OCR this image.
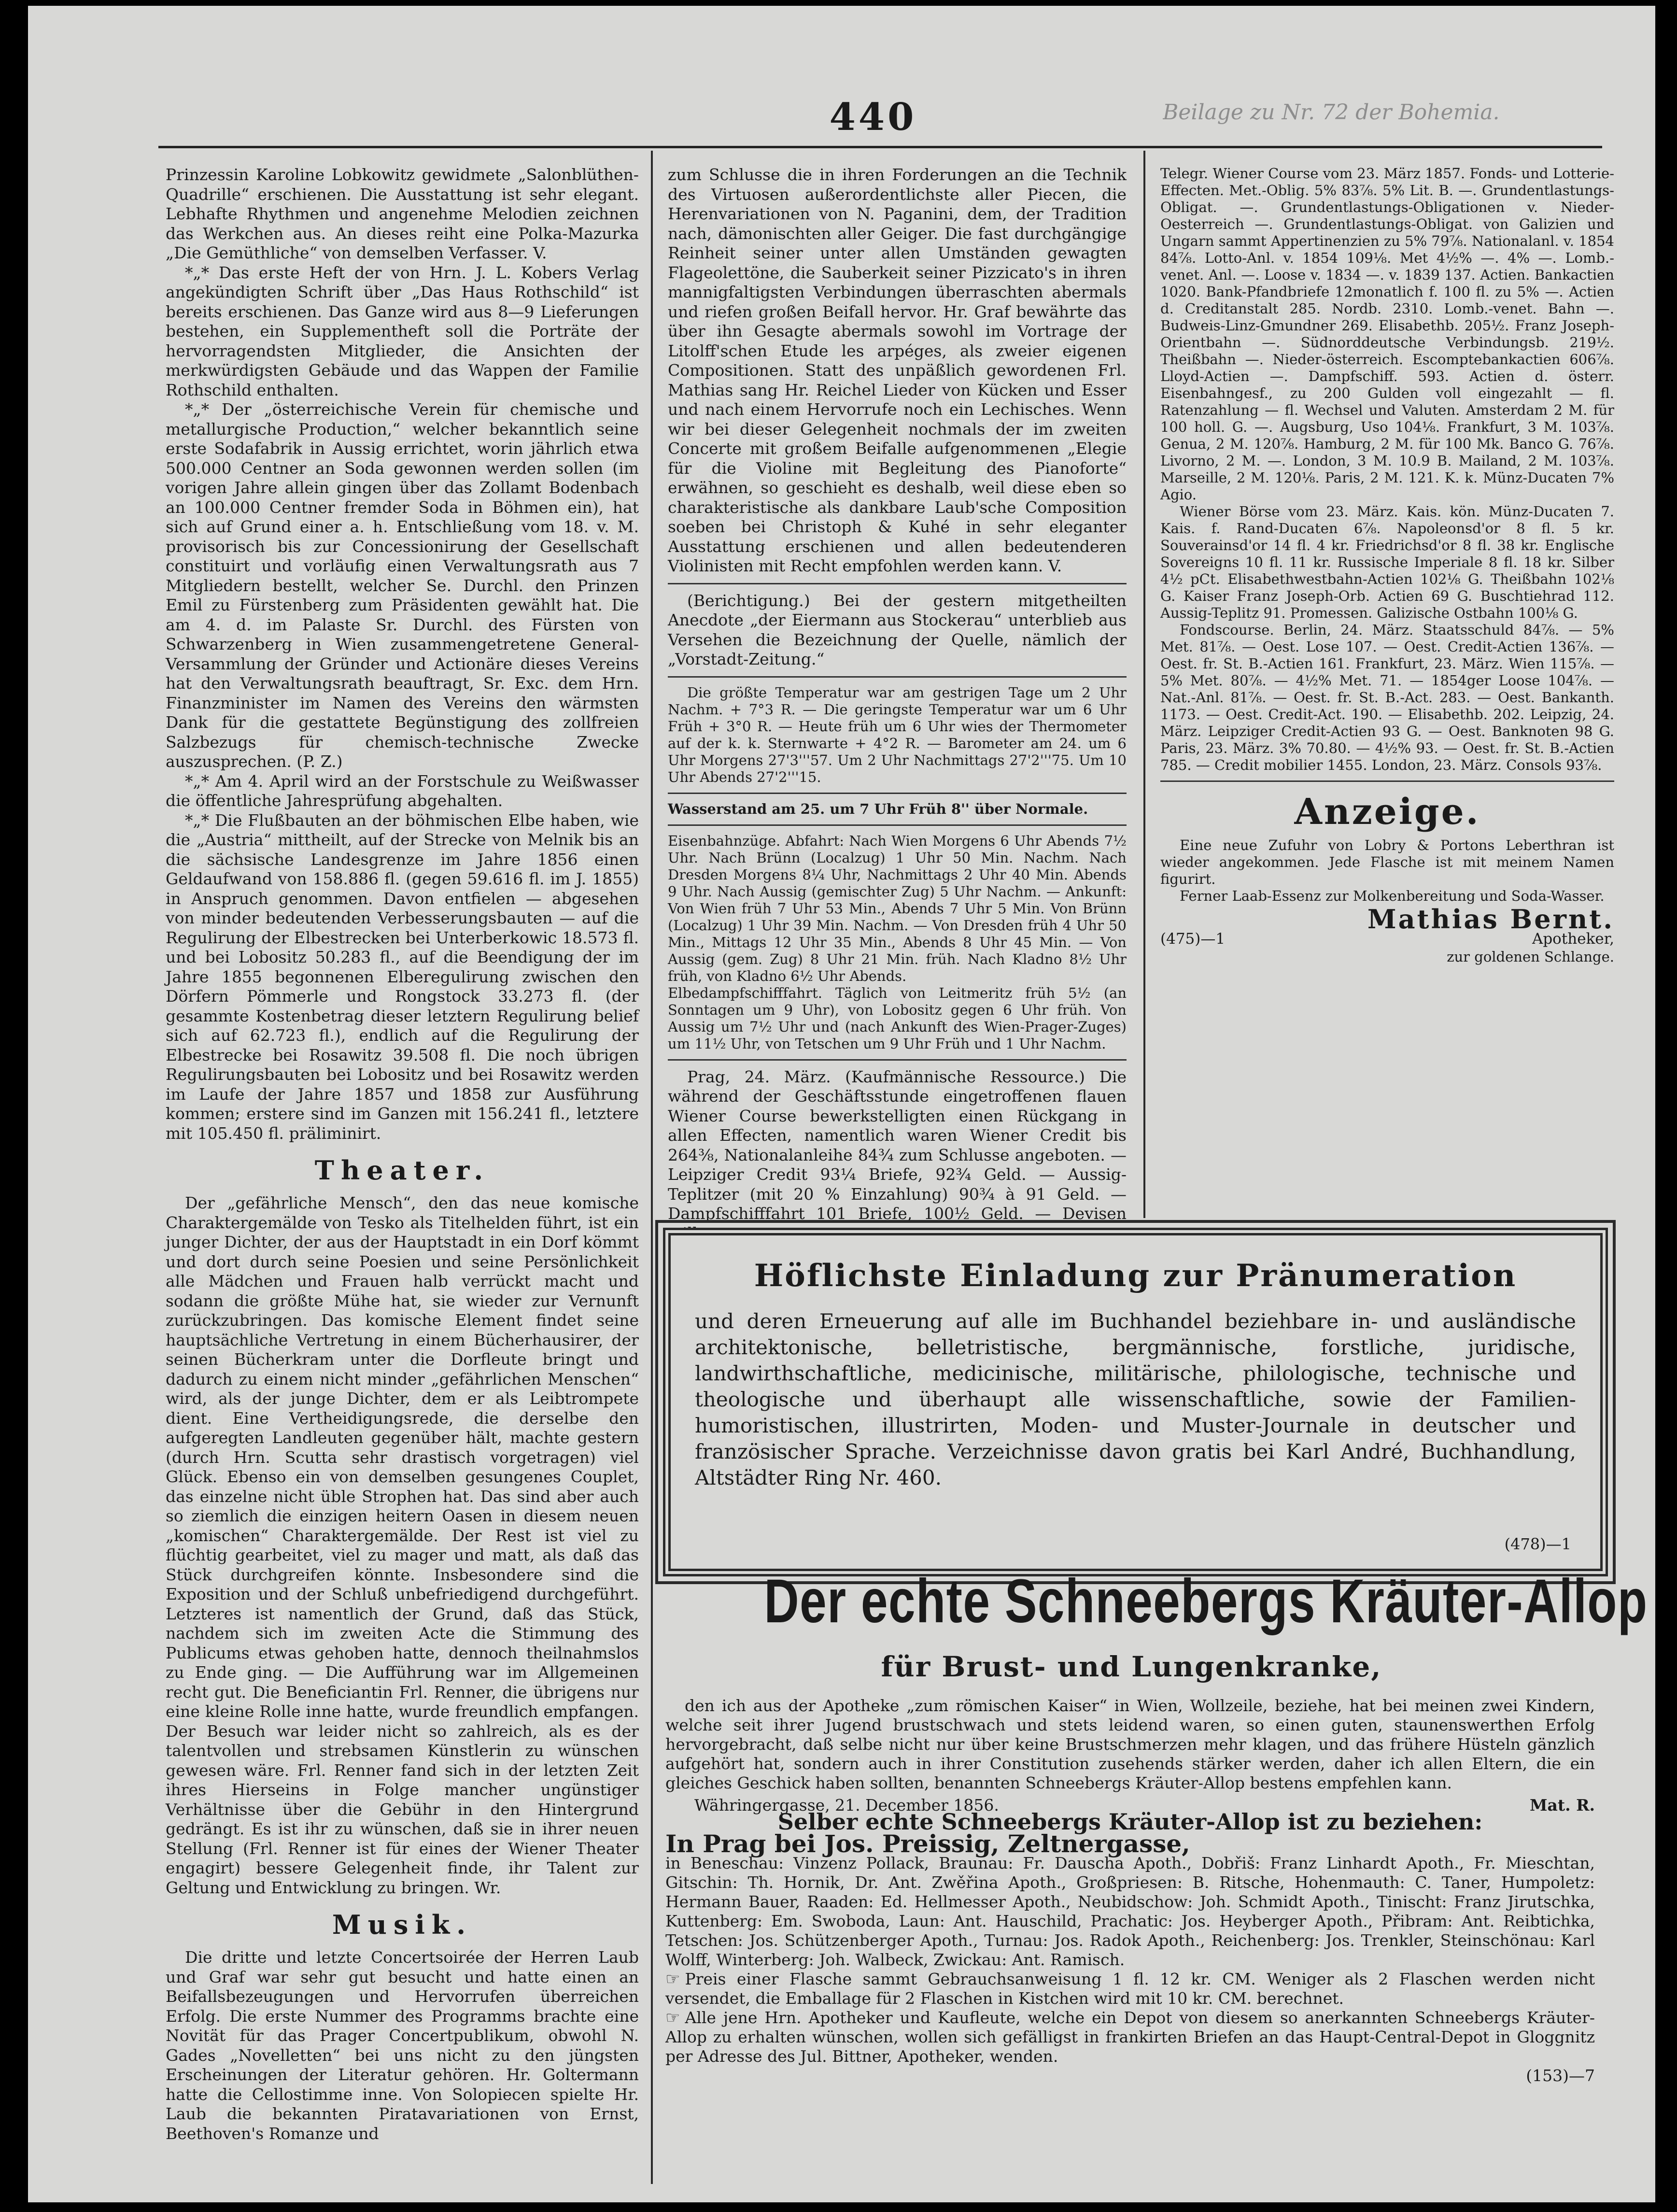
440	Beilage zu Nr. 72 der Bohemia.

Prinzessin Karoline Lobkowitz gewidmete „Salonblüthen-Quadrille“ erschienen. Die Ausstattung ist sehr elegant. Lebhafte Rhythmen und angenehme Melodien zeichnen das Werkchen aus. An dieses reiht eine Polka-Mazurka „Die Gemüthliche“ von demselben Verfasser. V.

*„* Das erste Heft der von Hrn. J. L. Kobers Verlag angekündigten Schrift über „Das Haus Rothschild“ ist bereits erschienen. Das Ganze wird aus 8—9 Lieferungen bestehen, ein Supplementheft soll die Porträte der hervorragendsten Mitglieder, die Ansichten der merkwürdigsten Gebäude und das Wappen der Familie Rothschild enthalten.

*„* Der „österreichische Verein für chemische und metallurgische Production,“ welcher bekanntlich seine erste Sodafabrik in Aussig errichtet, worin jährlich etwa 500.000 Centner an Soda gewonnen werden sollen (im vorigen Jahre allein gingen über das Zollamt Bodenbach an 100.000 Centner fremder Soda in Böhmen ein), hat sich auf Grund einer a. h. Entschließung vom 18. v. M. provisorisch bis zur Concessionirung der Gesellschaft constituirt und vorläufig einen Verwaltungsrath aus 7 Mitgliedern bestellt, welcher Se. Durchl. den Prinzen Emil zu Fürstenberg zum Präsidenten gewählt hat. Die am 4. d. im Palaste Sr. Durchl. des Fürsten von Schwarzenberg in Wien zusammengetretene General-Versammlung der Gründer und Actionäre dieses Vereins hat den Verwaltungsrath beauftragt, Sr. Exc. dem Hrn. Finanzminister im Namen des Vereins den wärmsten Dank für die gestattete Begünstigung des zollfreien Salzbezugs für chemisch-technische Zwecke auszusprechen. (P. Z.)

*„* Am 4. April wird an der Forstschule zu Weißwasser die öffentliche Jahresprüfung abgehalten.

*„* Die Flußbauten an der böhmischen Elbe haben, wie die „Austria“ mittheilt, auf der Strecke von Melnik bis an die sächsische Landesgrenze im Jahre 1856 einen Geldaufwand von 158.886 fl. (gegen 59.616 fl. im J. 1855) in Anspruch genommen. Davon entfielen — abgesehen von minder bedeutenden Verbesserungsbauten — auf die Regulirung der Elbestrecken bei Unterberkowic 18.573 fl. und bei Lobositz 50.283 fl., auf die Beendigung der im Jahre 1855 begonnenen Elberegulirung zwischen den Dörfern Pömmerle und Rongstock 33.273 fl. (der gesammte Kostenbetrag dieser letztern Regulirung belief sich auf 62.723 fl.), endlich auf die Regulirung der Elbestrecke bei Rosawitz 39.508 fl. Die noch übrigen Regulirungsbauten bei Lobositz und bei Rosawitz werden im Laufe der Jahre 1857 und 1858 zur Ausführung kommen; erstere sind im Ganzen mit 156.241 fl., letztere mit 105.450 fl. präliminirt.

Theater.

Der „gefährliche Mensch“, den das neue komische Charaktergemälde von Tesko als Titelhelden führt, ist ein junger Dichter, der aus der Hauptstadt in ein Dorf kömmt und dort durch seine Poesien und seine Persönlichkeit alle Mädchen und Frauen halb verrückt macht und sodann die größte Mühe hat, sie wieder zur Vernunft zurückzubringen. Das komische Element findet seine hauptsächliche Vertretung in einem Bücherhausirer, der seinen Bücherkram unter die Dorfleute bringt und dadurch zu einem nicht minder „gefährlichen Menschen“ wird, als der junge Dichter, dem er als Leibtrompete dient. Eine Vertheidigungsrede, die derselbe den aufgeregten Landleuten gegenüber hält, machte gestern (durch Hrn. Scutta sehr drastisch vorgetragen) viel Glück. Ebenso ein von demselben gesungenes Couplet, das einzelne nicht üble Strophen hat. Das sind aber auch so ziemlich die einzigen heitern Oasen in diesem neuen „komischen“ Charaktergemälde. Der Rest ist viel zu flüchtig gearbeitet, viel zu mager und matt, als daß das Stück durchgreifen könnte. Insbesondere sind die Exposition und der Schluß unbefriedigend durchgeführt. Letzteres ist namentlich der Grund, daß das Stück, nachdem sich im zweiten Acte die Stimmung des Publicums etwas gehoben hatte, dennoch theilnahmslos zu Ende ging. — Die Aufführung war im Allgemeinen recht gut. Die Beneficiantin Frl. Renner, die übrigens nur eine kleine Rolle inne hatte, wurde freundlich empfangen. Der Besuch war leider nicht so zahlreich, als es der talentvollen und strebsamen Künstlerin zu wünschen gewesen wäre. Frl. Renner fand sich in der letzten Zeit ihres Hierseins in Folge mancher ungünstiger Verhältnisse über die Gebühr in den Hintergrund gedrängt. Es ist ihr zu wünschen, daß sie in ihrer neuen Stellung (Frl. Renner ist für eines der Wiener Theater engagirt) bessere Gelegenheit finde, ihr Talent zur Geltung und Entwicklung zu bringen. Wr.

Musik.

Die dritte und letzte Concertsoirée der Herren Laub und Graf war sehr gut besucht und hatte einen an Beifallsbezeugungen und Hervorrufen überreichen Erfolg. Die erste Nummer des Programms brachte eine Novität für das Prager Concertpublikum, obwohl N. Gades „Novelletten“ bei uns nicht zu den jüngsten Erscheinungen der Literatur gehören. Hr. Goltermann hatte die Cellostimme inne. Von Solopiecen spielte Hr. Laub die bekannten Piratavariationen von Ernst, Beethoven's Romanze und

zum Schlusse die in ihren Forderungen an die Technik des Virtuosen außerordentlichste aller Piecen, die Herenvariationen von N. Paganini, dem, der Tradition nach, dämonischten aller Geiger. Die fast durchgängige Reinheit seiner unter allen Umständen gewagten Flageolettöne, die Sauberkeit seiner Pizzicato's in ihren mannigfaltigsten Verbindungen überraschten abermals und riefen großen Beifall hervor. Hr. Graf bewährte das über ihn Gesagte abermals sowohl im Vortrage der Litolff'schen Etude les arpéges, als zweier eigenen Compositionen. Statt des unpäßlich gewordenen Frl. Mathias sang Hr. Reichel Lieder von Kücken und Esser und nach einem Hervorrufe noch ein Lechisches. Wenn wir bei dieser Gelegenheit nochmals der im zweiten Concerte mit großem Beifalle aufgenommenen „Elegie für die Violine mit Begleitung des Pianoforte“ erwähnen, so geschieht es deshalb, weil diese eben so charakteristische als dankbare Laub'sche Composition soeben bei Christoph & Kuhé in sehr eleganter Ausstattung erschienen und allen bedeutenderen Violinisten mit Recht empfohlen werden kann. V.

(Berichtigung.) Bei der gestern mitgetheilten Anecdote „der Eiermann aus Stockerau“ unterblieb aus Versehen die Bezeichnung der Quelle, nämlich der „Vorstadt-Zeitung.“

Die größte Temperatur war am gestrigen Tage um 2 Uhr Nachm. + 7°3 R. — Die geringste Temperatur war um 6 Uhr Früh + 3°0 R. — Heute früh um 6 Uhr wies der Thermometer auf der k. k. Sternwarte + 4°2 R. — Barometer am 24. um 6 Uhr Morgens 27'3'''57. Um 2 Uhr Nachmittags 27'2'''75. Um 10 Uhr Abends 27'2'''15.

Wasserstand am 25. um 7 Uhr Früh 8'' über Normale.

Eisenbahnzüge. Abfahrt: Nach Wien Morgens 6 Uhr Abends 7½ Uhr. Nach Brünn (Localzug) 1 Uhr 50 Min. Nachm. Nach Dresden Morgens 8¼ Uhr, Nachmittags 2 Uhr 40 Min. Abends 9 Uhr. Nach Aussig (gemischter Zug) 5 Uhr Nachm. — Ankunft: Von Wien früh 7 Uhr 53 Min., Abends 7 Uhr 5 Min. Von Brünn (Localzug) 1 Uhr 39 Min. Nachm. — Von Dresden früh 4 Uhr 50 Min., Mittags 12 Uhr 35 Min., Abends 8 Uhr 45 Min. — Von Aussig (gem. Zug) 8 Uhr 21 Min. früh. Nach Kladno 8½ Uhr früh, von Kladno 6½ Uhr Abends.

Elbedampfschifffahrt. Täglich von Leitmeritz früh 5½ (an Sonntagen um 9 Uhr), von Lobositz gegen 6 Uhr früh. Von Aussig um 7½ Uhr und (nach Ankunft des Wien-Prager-Zuges) um 11½ Uhr, von Tetschen um 9 Uhr Früh und 1 Uhr Nachm.

Prag, 24. März. (Kaufmännische Ressource.) Die während der Geschäftsstunde eingetroffenen flauen Wiener Course bewerkstelligten einen Rückgang in allen Effecten, namentlich waren Wiener Credit bis 264⅜, Nationalanleihe 84¾ zum Schlusse angeboten. — Leipziger Credit 93¼ Briefe, 92¾ Geld. — Aussig-Teplitzer (mit 20 % Einzahlung) 90¾ à 91 Geld. — Dampfschifffahrt 101 Briefe, 100½ Geld. — Devisen

Telegr. Wiener Course vom 23. März 1857. Fonds- und Lotterie-Effecten. Met.-Oblig. 5% 83⅞. 5% Lit. B. —. Grundentlastungs-Obligat. —. Grundentlastungs-Obligationen v. Nieder-Oesterreich —. Grundentlastungs-Obligat. von Galizien und Ungarn sammt Appertinenzien zu 5% 79⅞. Nationalanl. v. 1854 84⅞. Lotto-Anl. v. 1854 109⅛. Met 4½% —. 4% —. Lomb.-venet. Anl. —. Loose v. 1834 —. v. 1839 137. Actien. Bankactien 1020. Bank-Pfandbriefe 12monatlich f. 100 fl. zu 5% —. Actien d. Creditanstalt 285. Nordb. 2310. Lomb.-venet. Bahn —. Budweis-Linz-Gmundner 269. Elisabethb. 205½. Franz Joseph-Orientbahn —. Südnorddeutsche Verbindungsb. 219½. Theißbahn —. Nieder-österreich. Escomptebankactien 606⅞. Lloyd-Actien —. Dampfschiff. 593. Actien d. österr. Eisenbahngesf., zu 200 Gulden voll eingezahlt — fl. Ratenzahlung — fl. Wechsel und Valuten. Amsterdam 2 M. für 100 holl. G. —. Augsburg, Uso 104⅛. Frankfurt, 3 M. 103⅞. Genua, 2 M. 120⅞. Hamburg, 2 M. für 100 Mk. Banco G. 76⅞. Livorno, 2 M. —. London, 3 M. 10.9 B. Mailand, 2 M. 103⅞. Marseille, 2 M. 120⅛. Paris, 2 M. 121. K. k. Münz-Ducaten 7% Agio.

Wiener Börse vom 23. März. Kais. kön. Münz-Ducaten 7. Kais. f. Rand-Ducaten 6⅞. Napoleonsd'or 8 fl. 5 kr. Souverainsd'or 14 fl. 4 kr. Friedrichsd'or 8 fl. 38 kr. Englische Sovereigns 10 fl. 11 kr. Russische Imperiale 8 fl. 18 kr. Silber 4½ pCt. Elisabethwestbahn-Actien 102⅛ G. Theißbahn 102⅛ G. Kaiser Franz Joseph-Orb. Actien 69 G. Buschtiehrad 112. Aussig-Teplitz 91. Promessen. Galizische Ostbahn 100⅛ G.

Fondscourse. Berlin, 24. März. Staatsschuld 84⅞. — 5% Met. 81⅞. — Oest. Lose 107. — Oest. Credit-Actien 136⅞. — Oest. fr. St. B.-Actien 161. Frankfurt, 23. März. Wien 115⅞. — 5% Met. 80⅞. — 4½% Met. 71. — 1854ger Loose 104⅞. — Nat.-Anl. 81⅞. — Oest. fr. St. B.-Act. 283. — Oest. Bankanth. 1173. — Oest. Credit-Act. 190. — Elisabethb. 202. Leipzig, 24. März. Leipziger Credit-Actien 93 G. — Oest. Banknoten 98 G. Paris, 23. März. 3% 70.80. — 4½% 93. — Oest. fr. St. B.-Actien 785. — Credit mobilier 1455. London, 23. März. Consols 93⅞.

Anzeige.

Eine neue Zufuhr von Lobry & Portons Leberthran ist wieder angekommen. Jede Flasche ist mit meinem Namen figurirt.

Ferner Laab-Essenz zur Molkenbereitung und Soda-Wasser.

Mathias Bernt.
(475)—1	Apotheker,
zur goldenen Schlange.
Höflichste Einladung zur Pränumeration
und deren Erneuerung auf alle im Buchhandel beziehbare in- und ausländische architektonische, belletristische, bergmännische, forstliche, juridische, landwirthschaftliche, medicinische, militärische, philologische, technische und theologische und überhaupt alle wissenschaftliche, sowie der Familien-humoristischen, illustrirten, Moden- und Muster-Journale in deutscher und französischer Sprache. Verzeichnisse davon gratis bei Karl André, Buchhandlung, Altstädter Ring Nr. 460.
(478)—1
Der echte Schneebergs Kräuter-Allop
für Brust- und Lungenkranke,

den ich aus der Apotheke „zum römischen Kaiser“ in Wien, Wollzeile, beziehe, hat bei meinen zwei Kindern, welche seit ihrer Jugend brustschwach und stets leidend waren, so einen guten, staunenswerthen Erfolg hervorgebracht, daß selbe nicht nur über keine Brustschmerzen mehr klagen, und das frühere Hüsteln gänzlich aufgehört hat, sondern auch in ihrer Constitution zusehends stärker werden, daher ich allen Eltern, die ein gleiches Geschick haben sollten, benannten Schneebergs Kräuter-Allop bestens empfehlen kann.

Währingergasse, 21. December 1856.	Mat. R.
Selber echte Schneebergs Kräuter-Allop ist zu beziehen:

In Prag bei Jos. Preissig, Zeltnergasse,

in Beneschau: Vinzenz Pollack, Braunau: Fr. Dauscha Apoth., Dobřiš: Franz Linhardt Apoth., Fr. Mieschtan, Gitschin: Th. Hornik, Dr. Ant. Zwěřina Apoth., Großpriesen: B. Ritsche, Hohenmauth: C. Taner, Humpoletz: Hermann Bauer, Raaden: Ed. Hellmesser Apoth., Neubidschow: Joh. Schmidt Apoth., Tinischt: Franz Jirutschka, Kuttenberg: Em. Swoboda, Laun: Ant. Hauschild, Prachatic: Jos. Heyberger Apoth., Přibram: Ant. Reibtichka, Tetschen: Jos. Schützenberger Apoth., Turnau: Jos. Radok Apoth., Reichenberg: Jos. Trenkler, Steinschönau: Karl Wolff, Winterberg: Joh. Walbeck, Zwickau: Ant. Ramisch.

☞ Preis einer Flasche sammt Gebrauchsanweisung 1 fl. 12 kr. CM. Weniger als 2 Flaschen werden nicht versendet, die Emballage für 2 Flaschen in Kistchen wird mit 10 kr. CM. berechnet.

☞ Alle jene Hrn. Apotheker und Kaufleute, welche ein Depot von diesem so anerkannten Schneebergs Kräuter-Allop zu erhalten wünschen, wollen sich gefälligst in frankirten Briefen an das Haupt-Central-Depot in Gloggnitz per Adresse des Jul. Bittner, Apotheker, wenden.

(153)—7
